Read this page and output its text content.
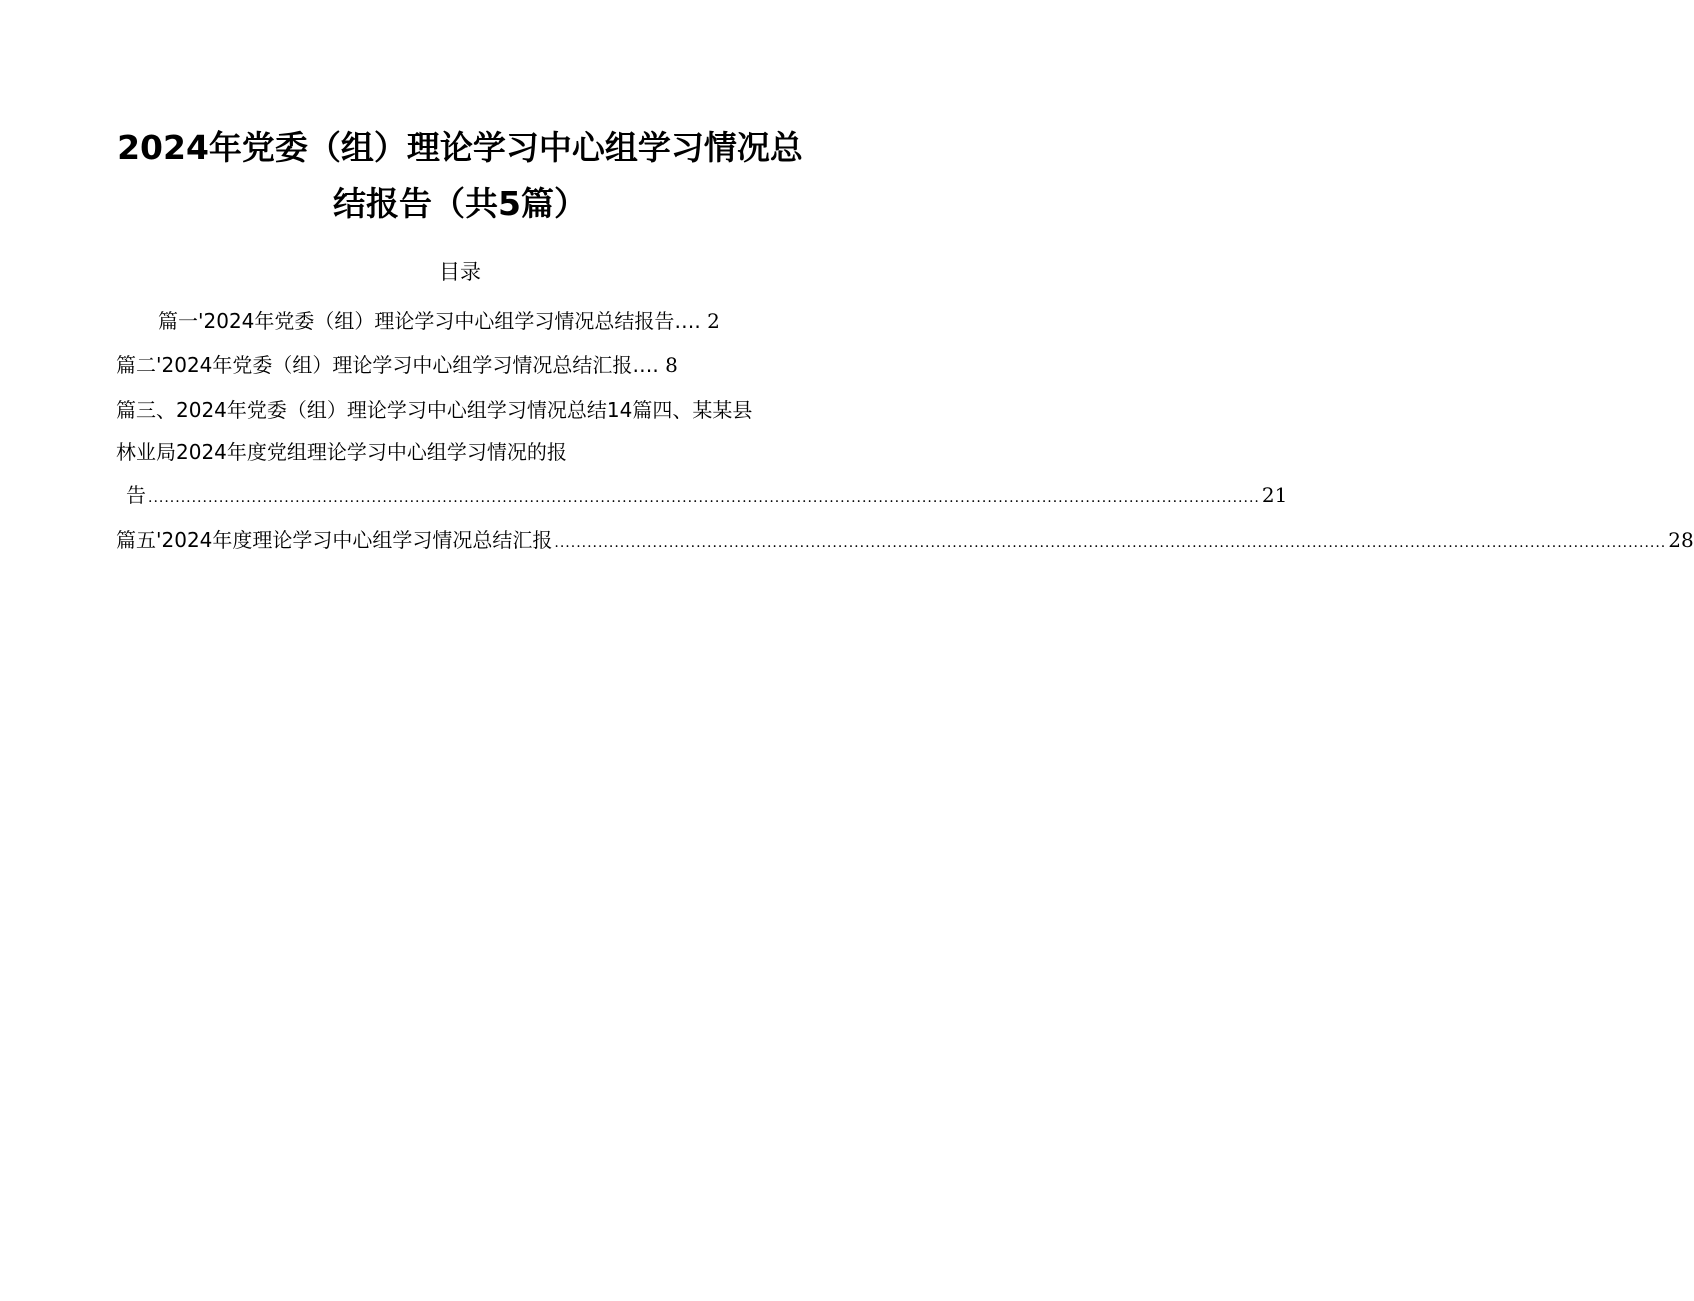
2024年党委（组）理论学习中心组学习情况总
结报告（共5篇）
目录
篇一'2024年党委（组）理论学习中心组学习情况总结报告…. 2
篇二'2024年党委（组）理论学习中心组学习情况总结汇报…. 8
篇三、2024年党委（组）理论学习中心组学习情况总结14篇四、某某县
林业局2024年度党组理论学习中心组学习情况的报
告 ............................................................................................................................................................................................................ 21
篇五'2024年度理论学习中心组学习情况总结汇报 ............................................................................................................................................................................................................ 28
